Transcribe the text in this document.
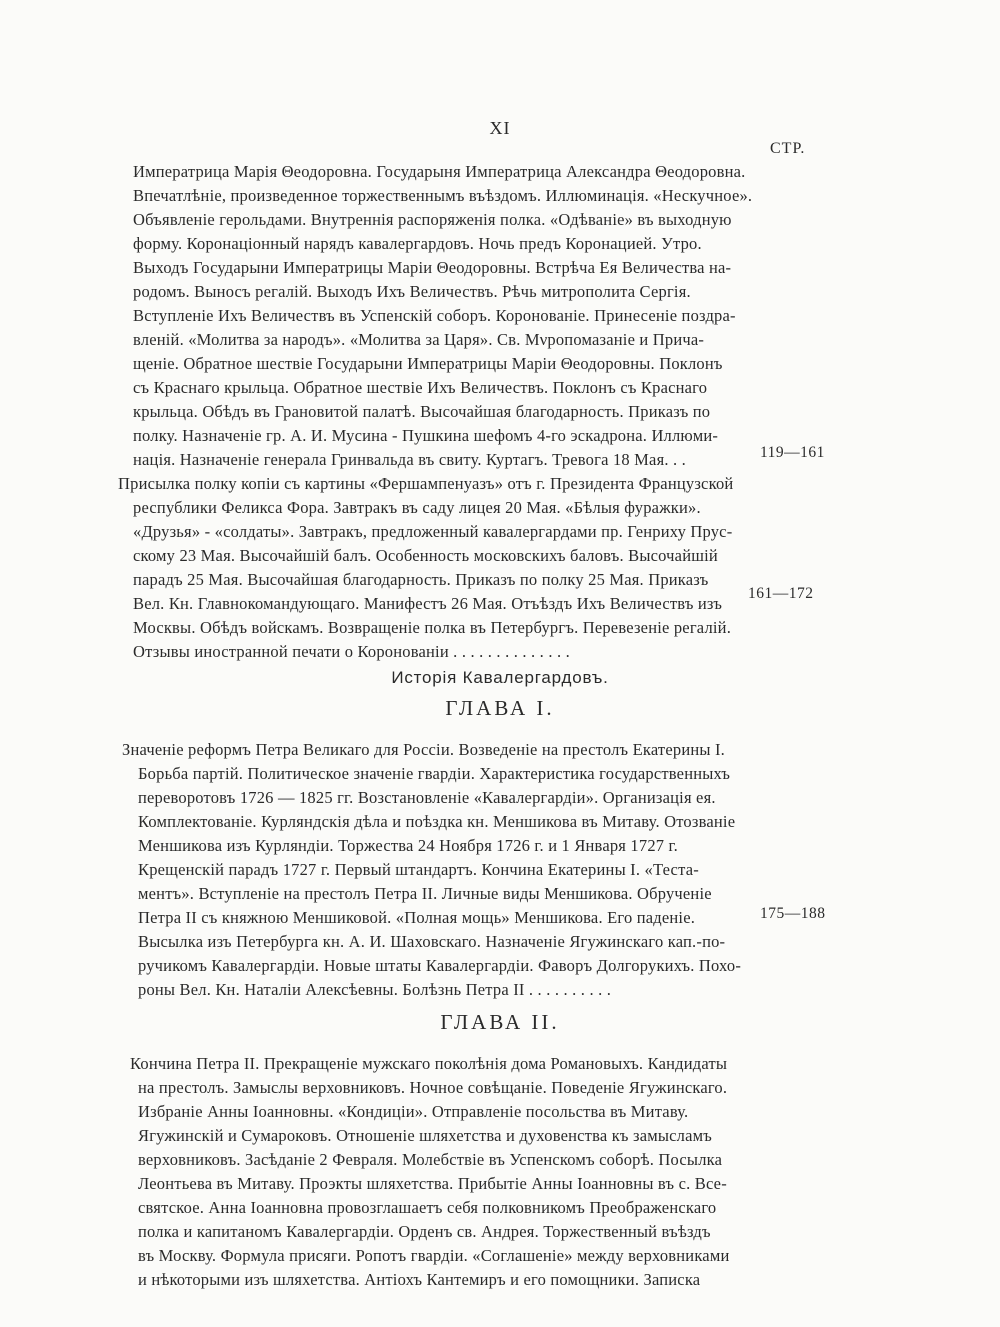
XI
СТР.
Императрица Марія Θеодоровна. Государыня Императрица Александра Θеодоровна.
Впечатлѣніе, произведенное торжественнымъ въѣздомъ. Иллюминація. «Нескучное».
Объявленіе герольдами. Внутреннія распоряженія полка. «Одѣваніе» въ выходную
форму. Коронаціонный нарядъ кавалергардовъ. Ночь предъ Коронацией. Утро.
Выходъ Государыни Императрицы Маріи Θеодоровны. Встрѣча Ея Величества на-
родомъ. Выносъ регалій. Выходъ Ихъ Величествъ. Рѣчь митрополита Сергія.
Вступленіе Ихъ Величествъ въ Успенскій соборъ. Коронованіе. Принесеніе поздра-
вленій. «Молитва за народъ». «Молитва за Царя». Св. Мνропомазаніе и Прича-
щеніе. Обратное шествіе Государыни Императрицы Маріи Θеодоровны. Поклонъ
съ Краснаго крыльца. Обратное шествіе Ихъ Величествъ. Поклонъ съ Краснаго
крыльца. Обѣдъ въ Грановитой палатѣ. Высочайшая благодарность. Приказъ по
полку. Назначеніе гр. А. И. Мусина - Пушкина шефомъ 4-го эскадрона. Иллюми-
нація. Назначеніе генерала Гринвальда въ свиту. Куртагъ. Тревога 18 Мая. . .	119—161
Присылка полку копіи съ картины «Фершампенуазъ» отъ г. Президента Французской
республики Феликса Фора. Завтракъ въ саду лицея 20 Мая. «Бѣлыя фуражки».
«Друзья» - «солдаты». Завтракъ, предложенный кавалергардами пр. Генриху Прус-
скому 23 Мая. Высочайшій балъ. Особенность московскихъ баловъ. Высочайшій
парадъ 25 Мая. Высочайшая благодарность. Приказъ по полку 25 Мая. Приказъ
Вел. Кн. Главнокомандующаго. Манифестъ 26 Мая. Отъѣздъ Ихъ Величествъ изъ
Москвы. Обѣдъ войскамъ. Возвращеніе полка въ Петербургъ. Перевезеніе регалій.
Отзывы иностранной печати о Коронованіи . . . . . . . . . . . . . .
161—172
Исторія Кавалергардовъ.
ГЛАВА I.
Значеніе реформъ Петра Великаго для Россіи. Возведеніе на престолъ Екатерины I.
Борьба партій. Политическое значеніе гвардіи. Характеристика государственныхъ
переворотовъ 1726 — 1825 гг. Возстановленіе «Кавалергардіи». Организація ея.
Комплектованіе. Курляндскія дѣла и поѣздка кн. Меншикова въ Митаву. Отозваніе
Меншикова изъ Курляндіи. Торжества 24 Ноября 1726 г. и 1 Января 1727 г.
Крещенскій парадъ 1727 г. Первый штандартъ. Кончина Екатерины I. «Теста-
ментъ». Вступленіе на престолъ Петра II. Личные виды Меншикова. Обрученіе
Петра II съ княжною Меншиковой. «Полная мощь» Меншикова. Его паденіе.
Высылка изъ Петербурга кн. А. И. Шаховскаго. Назначеніе Ягужинскаго кап.-по-
ручикомъ Кавалергардіи. Новые штаты Кавалергардіи. Фаворъ Долгорукихъ. Похо-
роны Вел. Кн. Наталіи Алексѣевны. Болѣзнь Петра II . . . . . . . . . .
175—188
ГЛАВА II.
Кончина Петра II. Прекращеніе мужскаго поколѣнія дома Романовыхъ. Кандидаты
на престолъ. Замыслы верховниковъ. Ночное совѣщаніе. Поведеніе Ягужинскаго.
Избраніе Анны Іоанновны. «Кондиціи». Отправленіе посольства въ Митаву.
Ягужинскій и Сумароковъ. Отношеніе шляхетства и духовенства къ замысламъ
верховниковъ. Засѣданіе 2 Февраля. Молебствіе въ Успенскомъ соборѣ. Посылка
Леонтьева въ Митаву. Проэкты шляхетства. Прибытіе Анны Іоанновны въ с. Все-
святское. Анна Іоанновна провозглашаетъ себя полковникомъ Преображенскаго
полка и капитаномъ Кавалергардіи. Орденъ св. Андрея. Торжественный въѣздъ
въ Москву. Формула присяги. Ропотъ гвардіи. «Соглашеніе» между верховниками
и нѣкоторыми изъ шляхетства. Антіохъ Кантемиръ и его помощники. Записка
